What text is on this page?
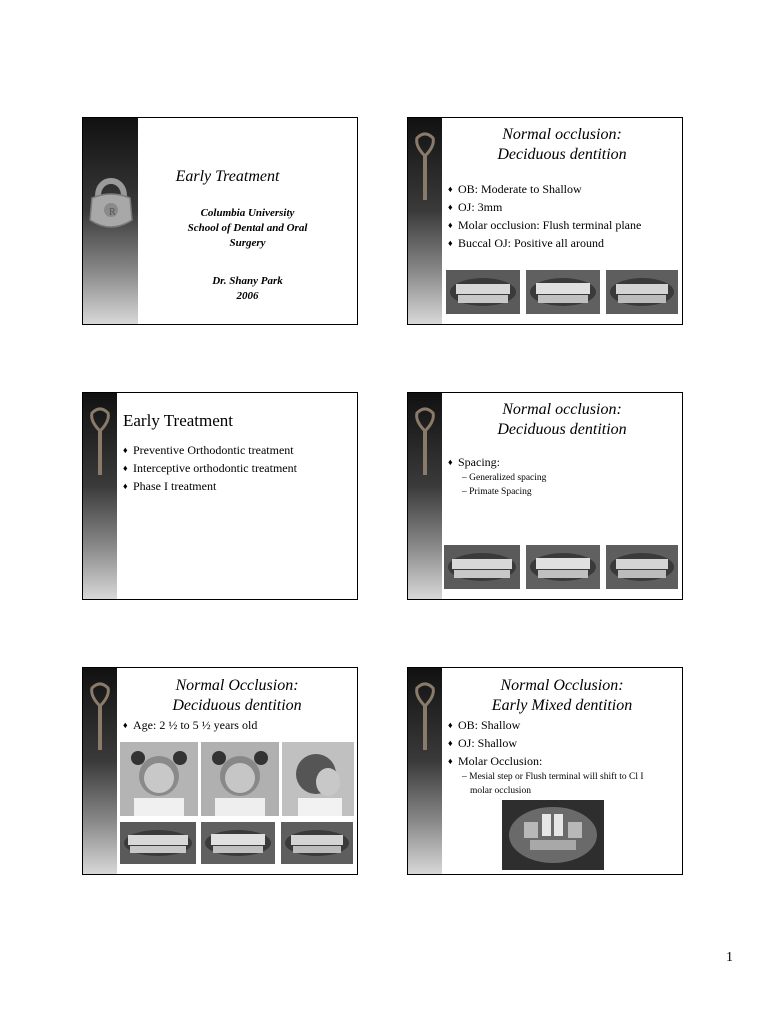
R
Early Treatment
Columbia University
School of Dental and Oral
Surgery
Dr. Shany Park
2006
Normal occlusion:
Deciduous dentition
♦ OB: Moderate to Shallow
♦ OJ: 3mm
♦ Molar occlusion: Flush terminal plane
♦ Buccal OJ: Positive all around
Early Treatment
♦ Preventive Orthodontic treatment
♦ Interceptive orthodontic treatment
♦ Phase I treatment
Normal occlusion:
Deciduous dentition
♦ Spacing:
– Generalized spacing
– Primate Spacing
Normal Occlusion:
Deciduous dentition
♦ Age: 2 ½ to 5 ½ years old
Normal Occlusion:
Early Mixed dentition
♦ OB: Shallow
♦ OJ: Shallow
♦ Molar Occlusion:
– Mesial step or Flush terminal will shift to Cl I molar occlusion
1
